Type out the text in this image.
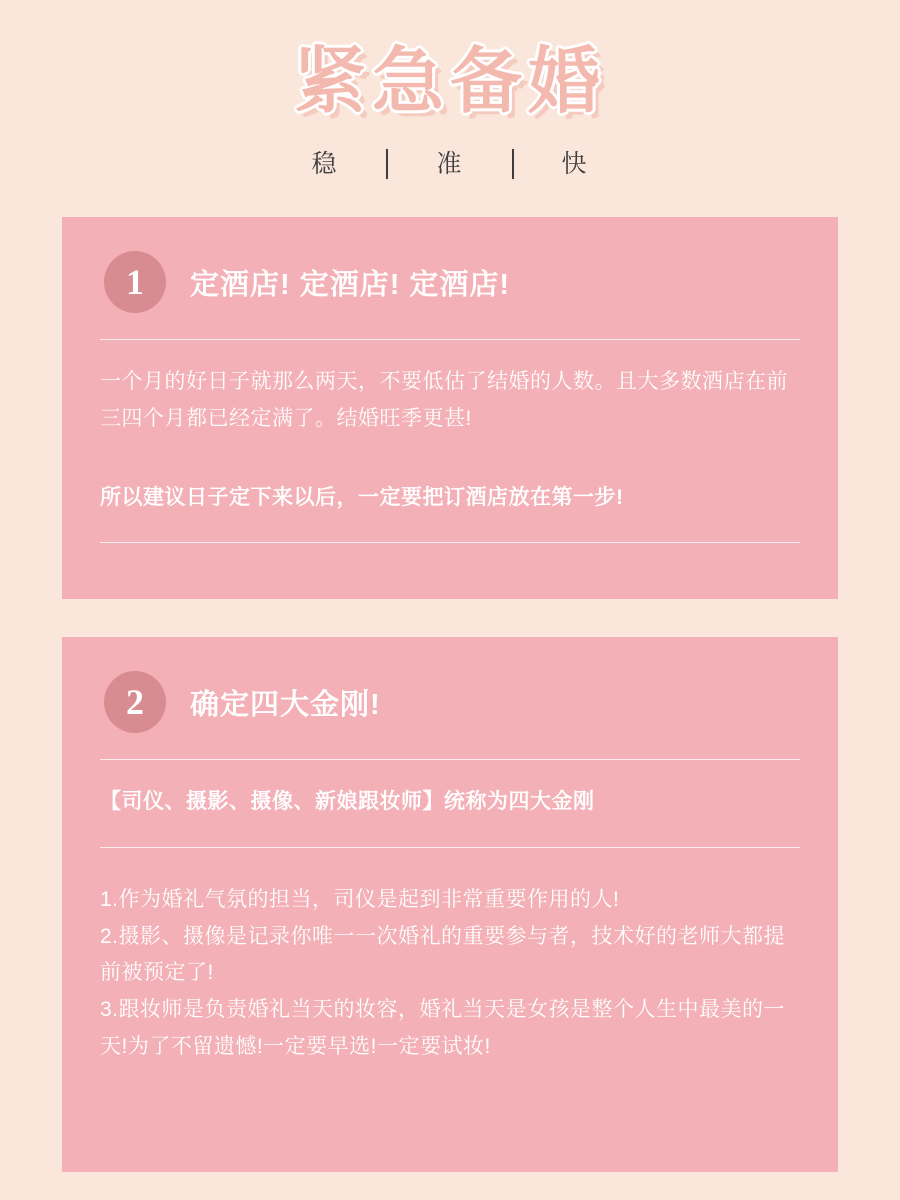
紧急备婚
稳	准	快
1	定酒店! 定酒店! 定酒店!
一个月的好日子就那么两天，不要低估了结婚的人数。且大多数酒店在前三四个月都已经定满了。结婚旺季更甚!
所以建议日子定下来以后，一定要把订酒店放在第一步!
2	确定四大金刚!
【司仪、摄影、摄像、新娘跟妆师】统称为四大金刚
1.作为婚礼气氛的担当，司仪是起到非常重要作用的人!
2.摄影、摄像是记录你唯一一次婚礼的重要参与者，技术好的老师大都提前被预定了!
3.跟妆师是负责婚礼当天的妆容，婚礼当天是女孩是整个人生中最美的一天!为了不留遗憾!一定要早选!一定要试妆!
